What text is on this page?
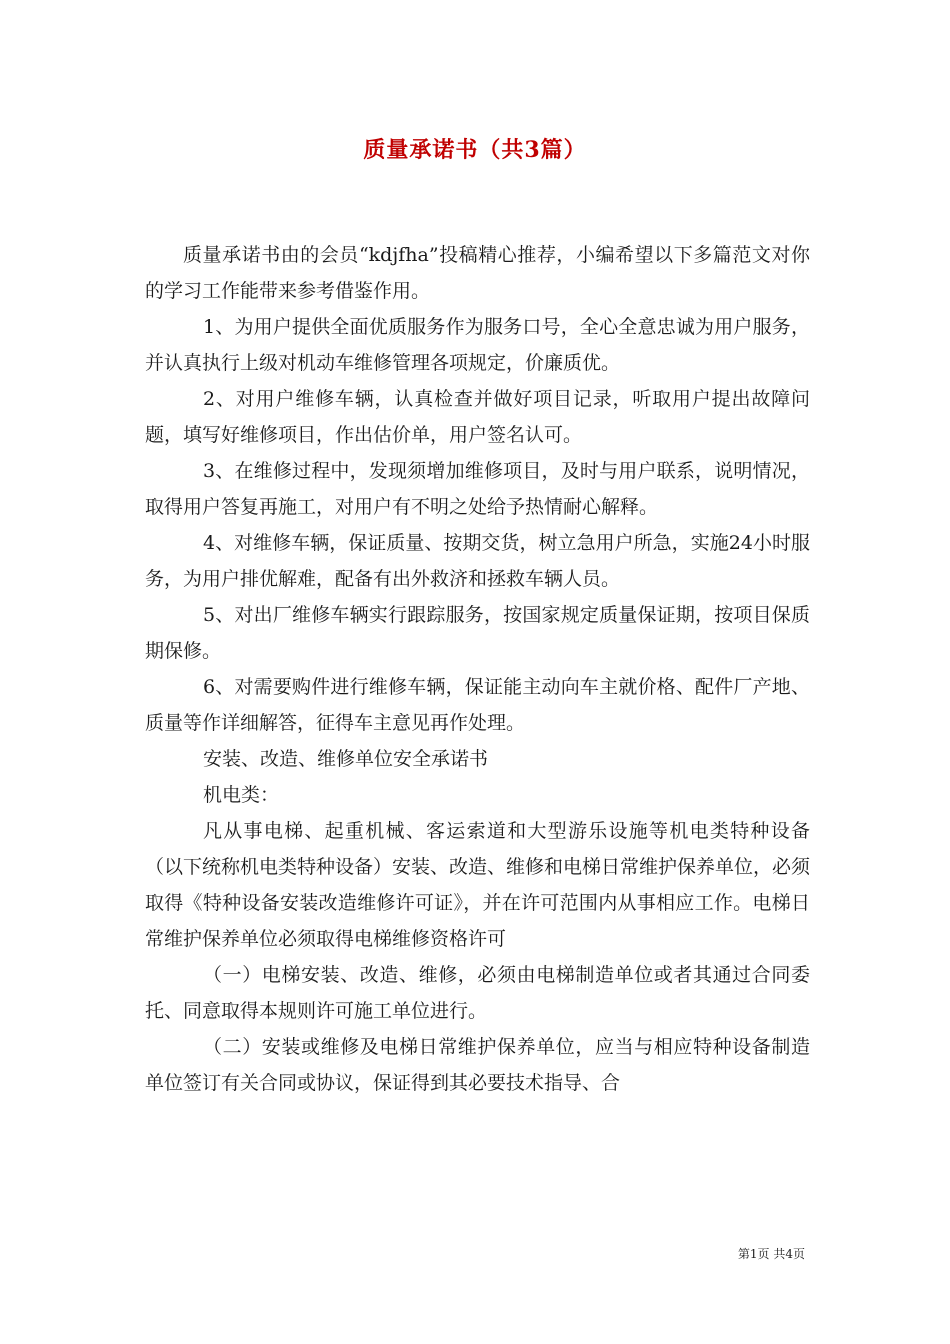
质量承诺书（共3篇）

质量承诺书由的会员“kdjfha”投稿精心推荐，小编希望以下多篇范文对你的学习工作能带来参考借鉴作用。

1、为用户提供全面优质服务作为服务口号，全心全意忠诚为用户服务，并认真执行上级对机动车维修管理各项规定，价廉质优。

2、对用户维修车辆，认真检查并做好项目记录，听取用户提出故障问题，填写好维修项目，作出估价单，用户签名认可。

3、在维修过程中，发现须增加维修项目，及时与用户联系，说明情况，取得用户答复再施工，对用户有不明之处给予热情耐心解释。

4、对维修车辆，保证质量、按期交货，树立急用户所急，实施24小时服务，为用户排优解难，配备有出外救济和拯救车辆人员。

5、对出厂维修车辆实行跟踪服务，按国家规定质量保证期，按项目保质期保修。

6、对需要购件进行维修车辆，保证能主动向车主就价格、配件厂产地、质量等作详细解答，征得车主意见再作处理。

安装、改造、维修单位安全承诺书

机电类：

凡从事电梯、起重机械、客运索道和大型游乐设施等机电类特种设备（以下统称机电类特种设备）安装、改造、维修和电梯日常维护保养单位，必须取得《特种设备安装改造维修许可证》，并在许可范围内从事相应工作。电梯日常维护保养单位必须取得电梯维修资格许可

（一）电梯安装、改造、维修，必须由电梯制造单位或者其通过合同委托、同意取得本规则许可施工单位进行。

（二）安装或维修及电梯日常维护保养单位，应当与相应特种设备制造单位签订有关合同或协议，保证得到其必要技术指导、合

第1页 共4页
